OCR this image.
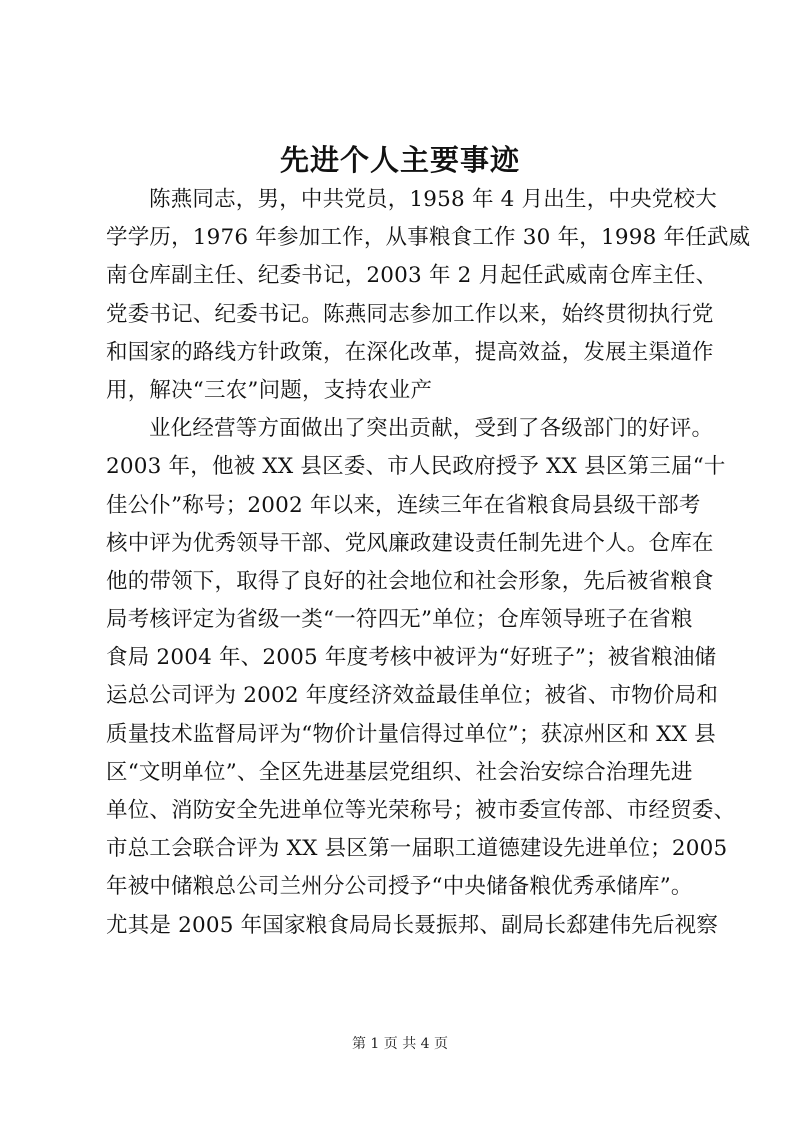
先进个人主要事迹
陈燕同志，男，中共党员，1958 年 4 月出生，中央党校大
学学历，1976 年参加工作，从事粮食工作 30 年，1998 年任武威
南仓库副主任、纪委书记，2003 年 2 月起任武威南仓库主任、
党委书记、纪委书记。陈燕同志参加工作以来，始终贯彻执行党
和国家的路线方针政策，在深化改革，提高效益，发展主渠道作
用，解决“三农”问题，支持农业产
业化经营等方面做出了突出贡献，受到了各级部门的好评。
2003 年，他被 XX 县区委、市人民政府授予 XX 县区第三届“十
佳公仆”称号；2002 年以来，连续三年在省粮食局县级干部考
核中评为优秀领导干部、党风廉政建设责任制先进个人。仓库在
他的带领下，取得了良好的社会地位和社会形象，先后被省粮食
局考核评定为省级一类“一符四无”单位；仓库领导班子在省粮
食局 2004 年、2005 年度考核中被评为“好班子”；被省粮油储
运总公司评为 2002 年度经济效益最佳单位；被省、市物价局和
质量技术监督局评为“物价计量信得过单位”；获凉州区和 XX 县
区“文明单位”、全区先进基层党组织、社会治安综合治理先进
单位、消防安全先进单位等光荣称号；被市委宣传部、市经贸委、
市总工会联合评为 XX 县区第一届职工道德建设先进单位；2005
年被中储粮总公司兰州分公司授予“中央储备粮优秀承储库”。
尤其是 2005 年国家粮食局局长聂振邦、副局长郄建伟先后视察
第 1 页 共 4 页
